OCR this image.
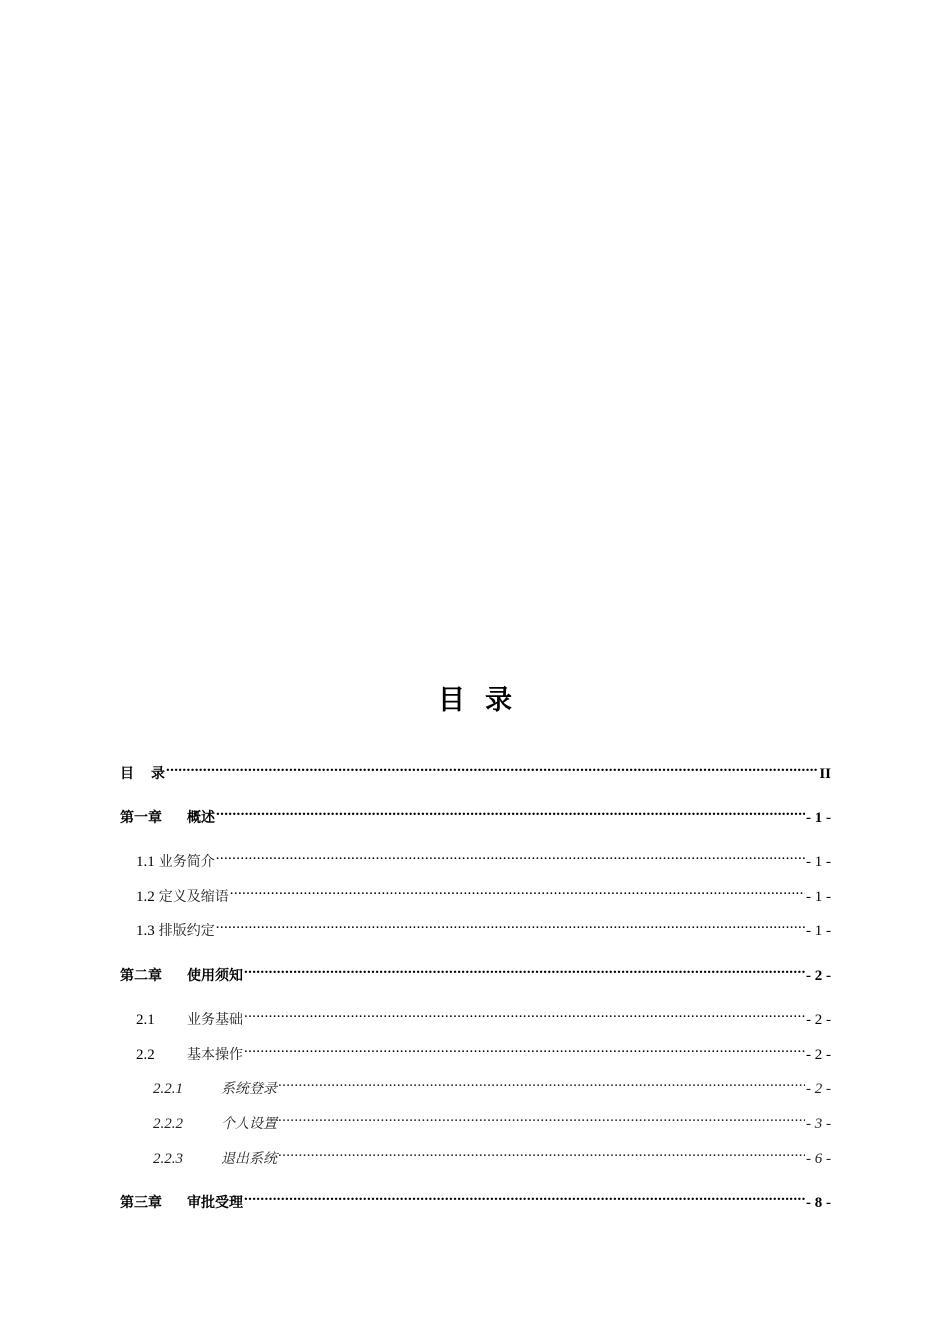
目 录
目	录 .....	II
第一章	概述 .....	- 1 -
1.1 业务简介 .....	- 1 -
1.2 定义及缩语 .....	- 1 -
1.3 排版约定 .....	- 1 -
第二章	使用须知 .....	- 2 -
2.1	业务基础 .....	- 2 -
2.2	基本操作 .....	- 2 -
2.2.1	系统登录 .....	- 2 -
2.2.2	个人设置 .....	- 3 -
2.2.3	退出系统 .....	- 6 -
第三章	审批受理 .....	- 8 -
